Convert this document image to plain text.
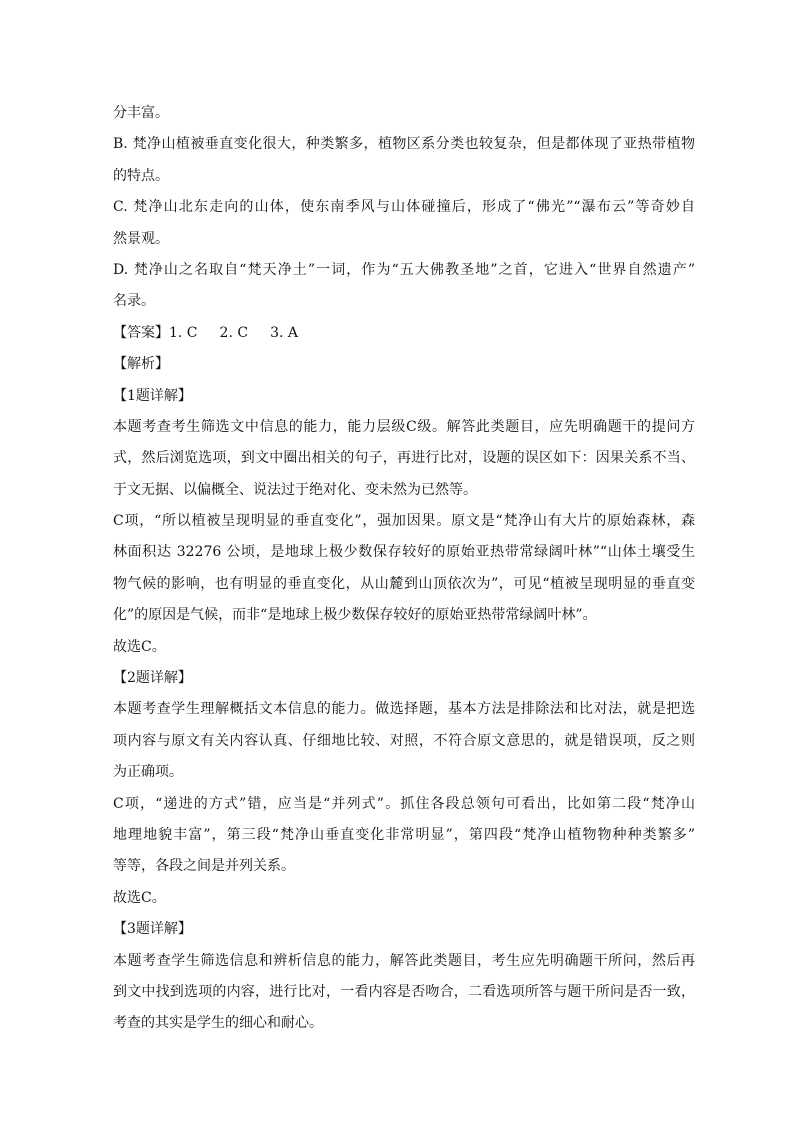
分丰富。
B. 梵净山植被垂直变化很大，种类繁多，植物区系分类也较复杂，但是都体现了亚热带植物
的特点。
C. 梵净山北东走向的山体，使东南季风与山体碰撞后，形成了“佛光”“瀑布云”等奇妙自
然景观。
D. 梵净山之名取自“梵天净土”一词，作为“五大佛教圣地”之首，它进入“世界自然遗产”
名录。
【答案】1. C 2. C 3. A
【解析】
【1题详解】
本题考查考生筛选文中信息的能力，能力层级C级。解答此类题目，应先明确题干的提问方
式，然后浏览选项，到文中圈出相关的句子，再进行比对，设题的误区如下：因果关系不当、
于文无据、以偏概全、说法过于绝对化、变未然为已然等。
C项，“所以植被呈现明显的垂直变化”，强加因果。原文是“梵净山有大片的原始森林，森
林面积达 32276 公顷，是地球上极少数保存较好的原始亚热带常绿阔叶林”“山体土壤受生
物气候的影响，也有明显的垂直变化，从山麓到山顶依次为”，可见“植被呈现明显的垂直变
化”的原因是气候，而非“是地球上极少数保存较好的原始亚热带常绿阔叶林”。
故选C。
【2题详解】
本题考查学生理解概括文本信息的能力。做选择题，基本方法是排除法和比对法，就是把选
项内容与原文有关内容认真、仔细地比较、对照，不符合原文意思的，就是错误项，反之则
为正确项。
C项，“递进的方式”错，应当是“并列式”。抓住各段总领句可看出，比如第二段“梵净山
地理地貌丰富”，第三段“梵净山垂直变化非常明显”，第四段“梵净山植物物种种类繁多”
等等，各段之间是并列关系。
故选C。
【3题详解】
本题考查学生筛选信息和辨析信息的能力，解答此类题目，考生应先明确题干所问，然后再
到文中找到选项的内容，进行比对，一看内容是否吻合，二看选项所答与题干所问是否一致，
考查的其实是学生的细心和耐心。
